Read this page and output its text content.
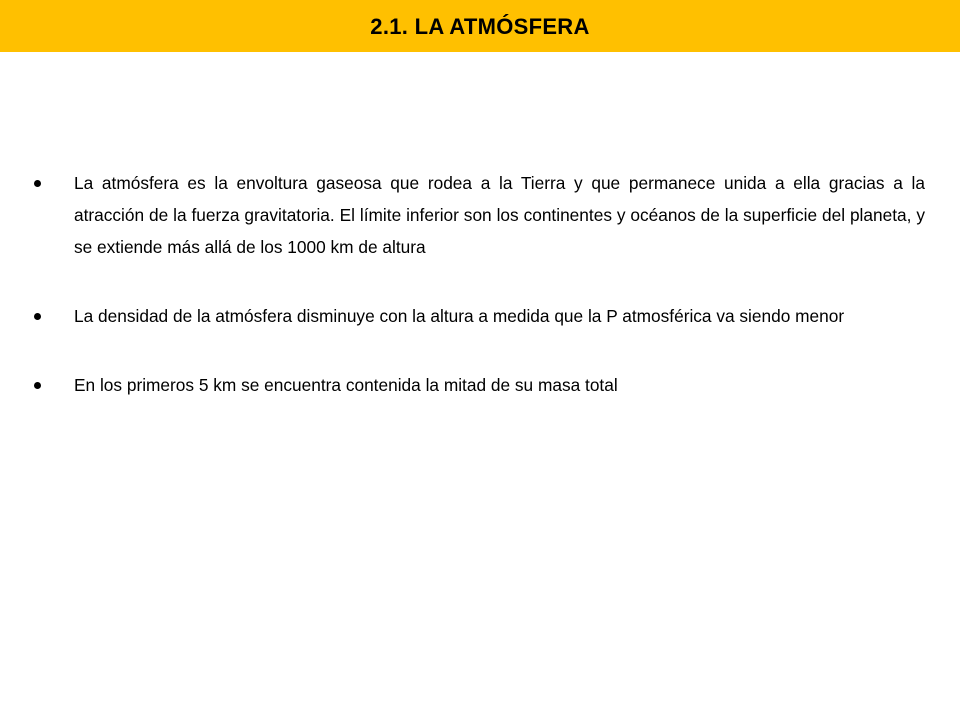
2.1. LA ATMÓSFERA
La atmósfera es la envoltura gaseosa que rodea a la Tierra y que permanece unida a ella gracias a la atracción de la fuerza gravitatoria. El límite inferior son los continentes y océanos de la superficie del planeta, y se extiende más allá de los 1000 km de altura
La densidad de la atmósfera disminuye con la altura a medida que la P atmosférica va siendo menor
En los primeros 5 km se encuentra contenida la mitad de su masa total
